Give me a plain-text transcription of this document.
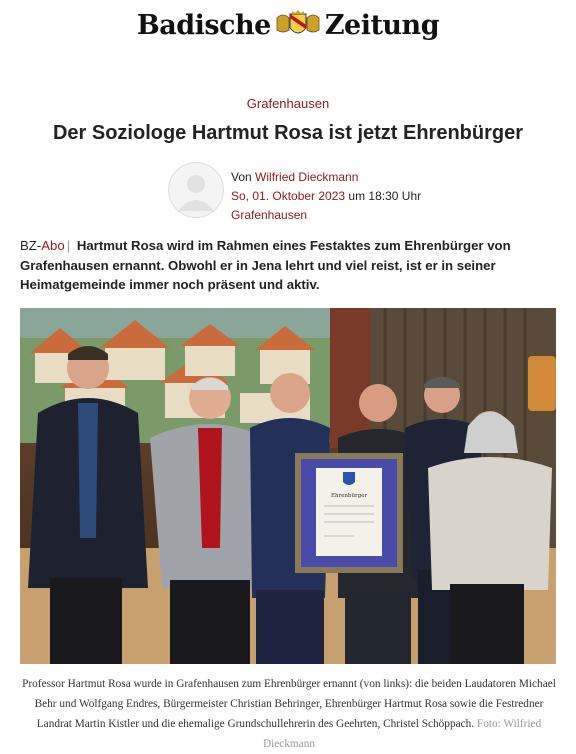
Badische Zeitung
Grafenhausen
Der Soziologe Hartmut Rosa ist jetzt Ehrenbürger
Von Wilfried Dieckmann
So, 01. Oktober 2023 um 18:30 Uhr
Grafenhausen
BZ-Abo | Hartmut Rosa wird im Rahmen eines Festaktes zum Ehrenbürger von Grafenhausen ernannt. Obwohl er in Jena lehrt und viel reist, ist er in seiner Heimatgemeinde immer noch präsent und aktiv.
Ehrenbürger
Professor Hartmut Rosa wurde in Grafenhausen zum Ehrenbürger ernannt (von links): die beiden Laudatoren Michael Behr und Wolfgang Endres, Bürgermeister Christian Behringer, Ehrenbürger Hartmut Rosa sowie die Festredner Landrat Martin Kistler und die ehemalige Grundschullehrerin des Geehrten, Christel Schöppach. Foto: Wilfried Dieckmann
